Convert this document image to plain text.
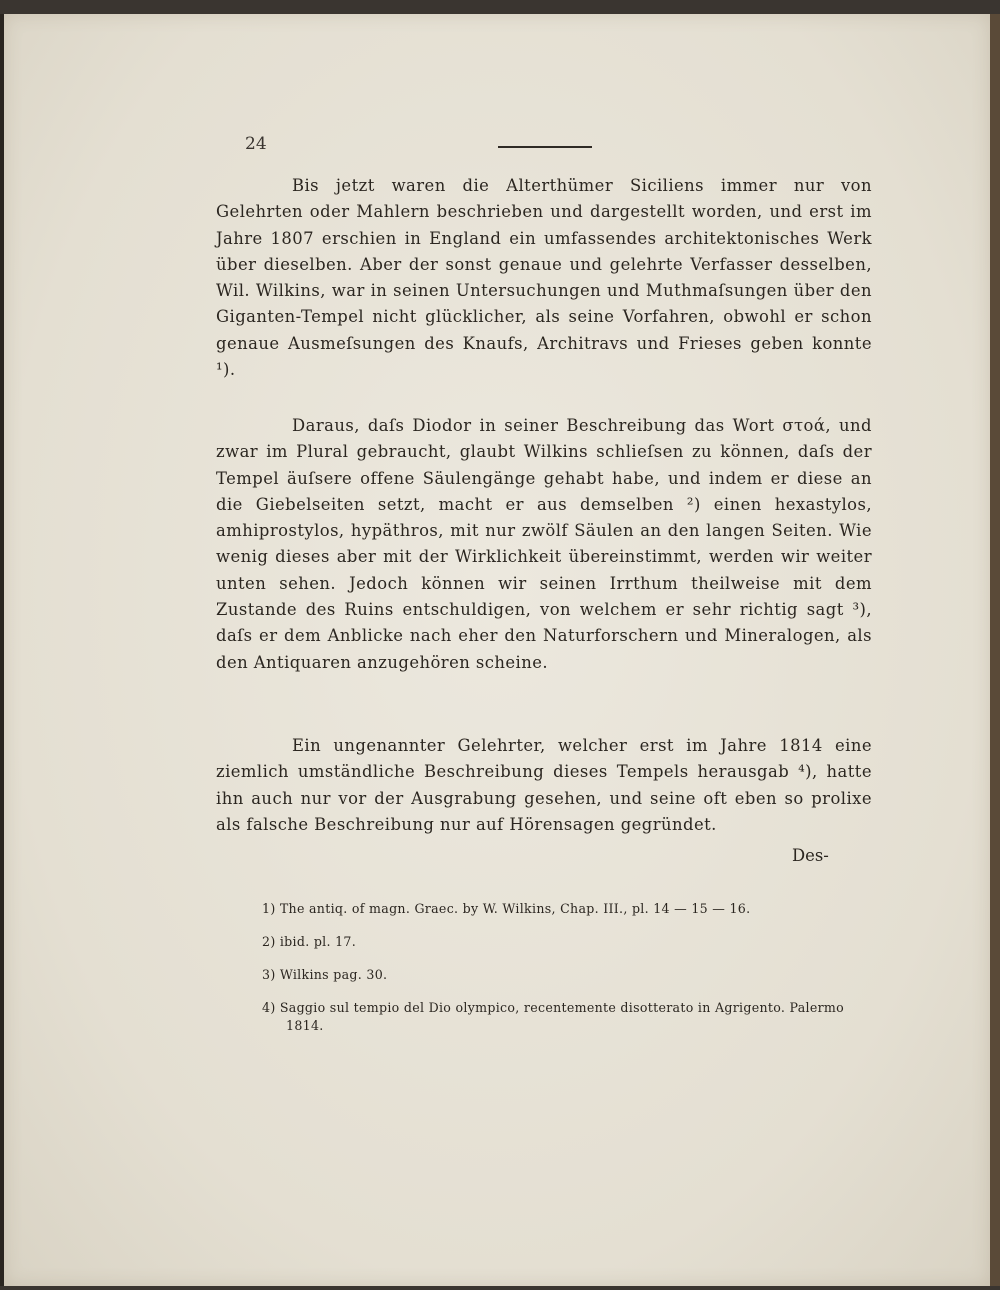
24

Bis jetzt waren die Alterthümer Siciliens immer nur von Gelehrten oder Mahlern beschrieben und dargestellt worden, und erst im Jahre 1807 erschien in England ein umfassendes architektonisches Werk über dieselben. Aber der sonst genaue und gelehrte Verfasser desselben, Wil. Wilkins, war in seinen Untersuchungen und Muthmaſsungen über den Giganten-Tempel nicht glücklicher, als seine Vorfahren, obwohl er schon genaue Ausmeſsungen des Knaufs, Architravs und Frieses geben konnte ¹).

Daraus, daſs Diodor in seiner Beschreibung das Wort στοά, und zwar im Plural gebraucht, glaubt Wilkins schlieſsen zu können, daſs der Tempel äuſsere offene Säulengänge gehabt habe, und indem er diese an die Giebelseiten setzt, macht er aus demselben ²) einen hexastylos, amhiprostylos, hypäthros, mit nur zwölf Säulen an den langen Seiten. Wie wenig dieses aber mit der Wirklichkeit übereinstimmt, werden wir weiter unten sehen. Jedoch können wir seinen Irrthum theilweise mit dem Zustande des Ruins entschuldigen, von welchem er sehr richtig sagt ³), daſs er dem Anblicke nach eher den Naturforschern und Mineralogen, als den Antiquaren anzugehören scheine.

Ein ungenannter Gelehrter, welcher erst im Jahre 1814 eine ziemlich umständliche Beschreibung dieses Tempels herausgab ⁴), hatte ihn auch nur vor der Ausgrabung gesehen, und seine oft eben so prolixe als falsche Beschreibung nur auf Hörensagen gegründet.

Des-

1) The antiq. of magn. Graec. by W. Wilkins, Chap. III., pl. 14 — 15 — 16.

2) ibid. pl. 17.

3) Wilkins pag. 30.

4) Saggio sul tempio del Dio olympico, recentemente disotterato in Agrigento. Palermo 1814.
